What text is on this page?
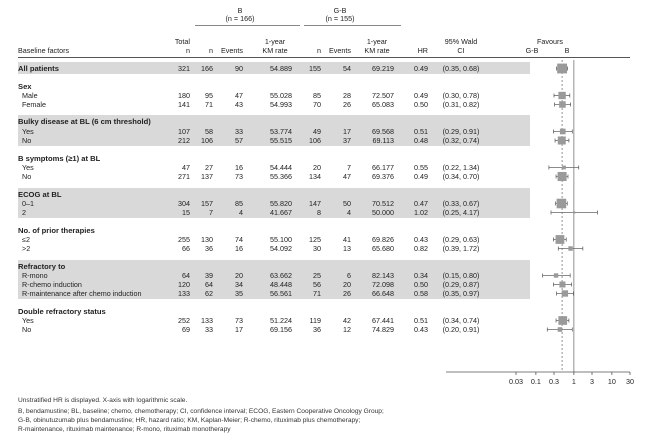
B
(n = 166)
G-B
(n = 155)
Baseline factors
Total
n	n	Events
1-year
KM rate	n	Events
1-year
KM rate	HR
95% Wald
CI
Favours
G-B	B
All patients	321	166	90	54.889	155	54	69.219	0.49	(0.35, 0.68)
Sex
Male	180	95	47	55.028	85	28	72.507	0.49	(0.30, 0.78)
Female	141	71	43	54.993	70	26	65.083	0.50	(0.31, 0.82)
Bulky disease at BL (6 cm threshold)
Yes	107	58	33	53.774	49	17	69.568	0.51	(0.29, 0.91)
No	212	106	57	55.515	106	37	69.113	0.48	(0.32, 0.74)
B symptoms (≥1) at BL
Yes	47	27	16	54.444	20	7	66.177	0.55	(0.22, 1.34)
No	271	137	73	55.366	134	47	69.376	0.49	(0.34, 0.70)
ECOG at BL
0–1	304	157	85	55.820	147	50	70.512	0.47	(0.33, 0.67)
2	15	7	4	41.667	8	4	50.000	1.02	(0.25, 4.17)
No. of prior therapies
≤2	255	130	74	55.100	125	41	69.826	0.43	(0.29, 0.63)
>2	66	36	16	54.092	30	13	65.680	0.82	(0.39, 1.72)
Refractory to
R-mono	64	39	20	63.662	25	6	82.143	0.34	(0.15, 0.80)
R-chemo induction	120	64	34	48.448	56	20	72.098	0.50	(0.29, 0.87)
R-maintenance after chemo induction	133	62	35	56.561	71	26	66.648	0.58	(0.35, 0.97)
Double refractory status
Yes	252	133	73	51.224	119	42	67.441	0.51	(0.34, 0.74)
No	69	33	17	69.156	36	12	74.829	0.43	(0.20, 0.91)
0.03 0.1 0.3 1 3 10 30
Unstratified HR is displayed. X-axis with logarithmic scale.
B, bendamustine; BL, baseline; chemo, chemotherapy; CI, confidence interval; ECOG, Eastern Cooperative Oncology Group;
G-B, obinutuzumab plus bendamustine; HR, hazard ratio; KM, Kaplan-Meier; R-chemo, rituximab plus chemotherapy;
R-maintenance, rituximab maintenance; R-mono, rituximab monotherapy
